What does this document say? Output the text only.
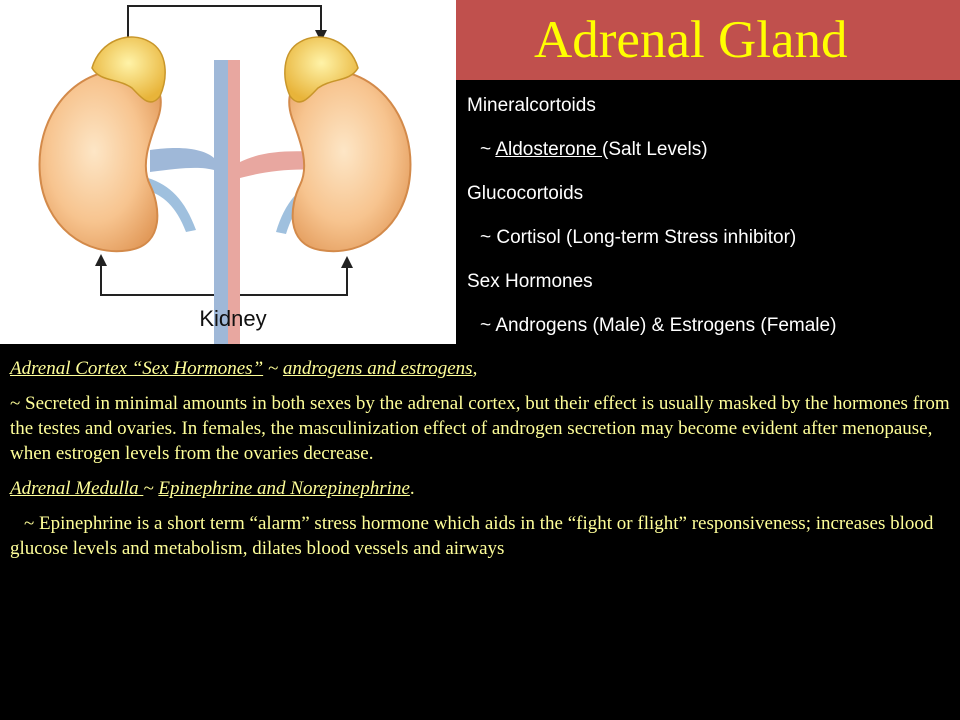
Kidney
Adrenal Gland
Mineralcortoids
~ Aldosterone (Salt Levels)
Glucocortoids
~ Cortisol (Long-term Stress inhibitor)
Sex Hormones
~ Androgens (Male) & Estrogens (Female)

Adrenal Cortex “Sex Hormones” ~ androgens and estrogens,

~ Secreted in minimal amounts in both sexes by the adrenal cortex, but their effect is usually masked by the hormones from the testes and ovaries. In females, the masculinization effect of androgen secretion may become evident after menopause, when estrogen levels from the ovaries decrease.

Adrenal Medulla ~ Epinephrine and Norepinephrine.

~ Epinephrine is a short term “alarm” stress hormone which aids in the “fight or flight” responsiveness; increases blood glucose levels and metabolism, dilates blood vessels and airways
